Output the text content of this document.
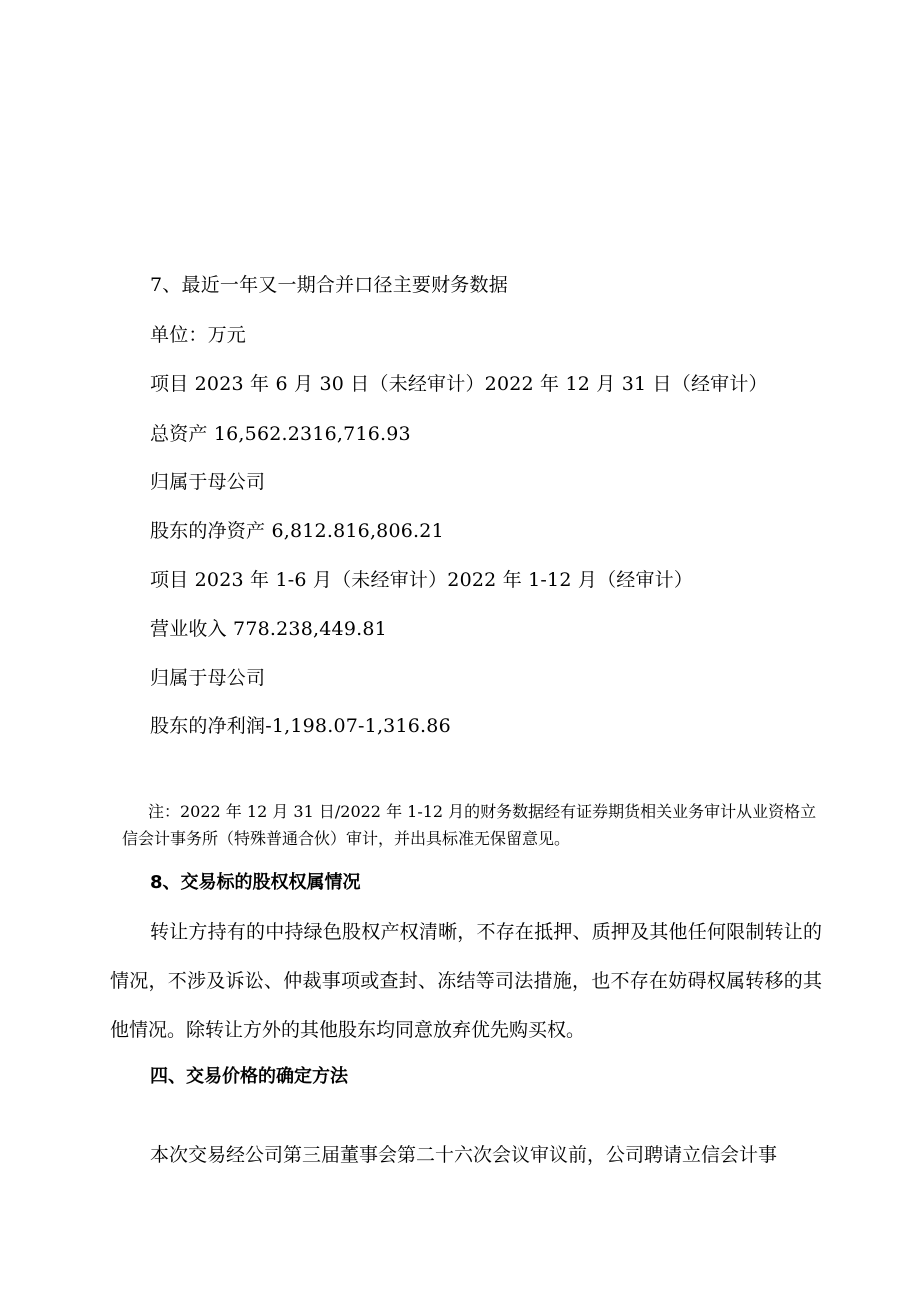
7、最近一年又一期合并口径主要财务数据
单位：万元
项目 2023 年 6 月 30 日（未经审计）2022 年 12 月 31 日（经审计）
总资产 16,562.2316,716.93
归属于母公司
股东的净资产 6,812.816,806.21
项目 2023 年 1-6 月（未经审计）2022 年 1-12 月（经审计）
营业收入 778.238,449.81
归属于母公司
股东的净利润-1,198.07-1,316.86

注：2022 年 12 月 31 日/2022 年 1-12 月的财务数据经有证券期货相关业务审计从业资格立信会计事务所（特殊普通合伙）审计，并出具标准无保留意见。

8、交易标的股权权属情况

转让方持有的中持绿色股权产权清晰，不存在抵押、质押及其他任何限制转让的情况，不涉及诉讼、仲裁事项或查封、冻结等司法措施，也不存在妨碍权属转移的其他情况。除转让方外的其他股东均同意放弃优先购买权。

四、交易价格的确定方法

本次交易经公司第三届董事会第二十六次会议审议前，公司聘请立信会计事
